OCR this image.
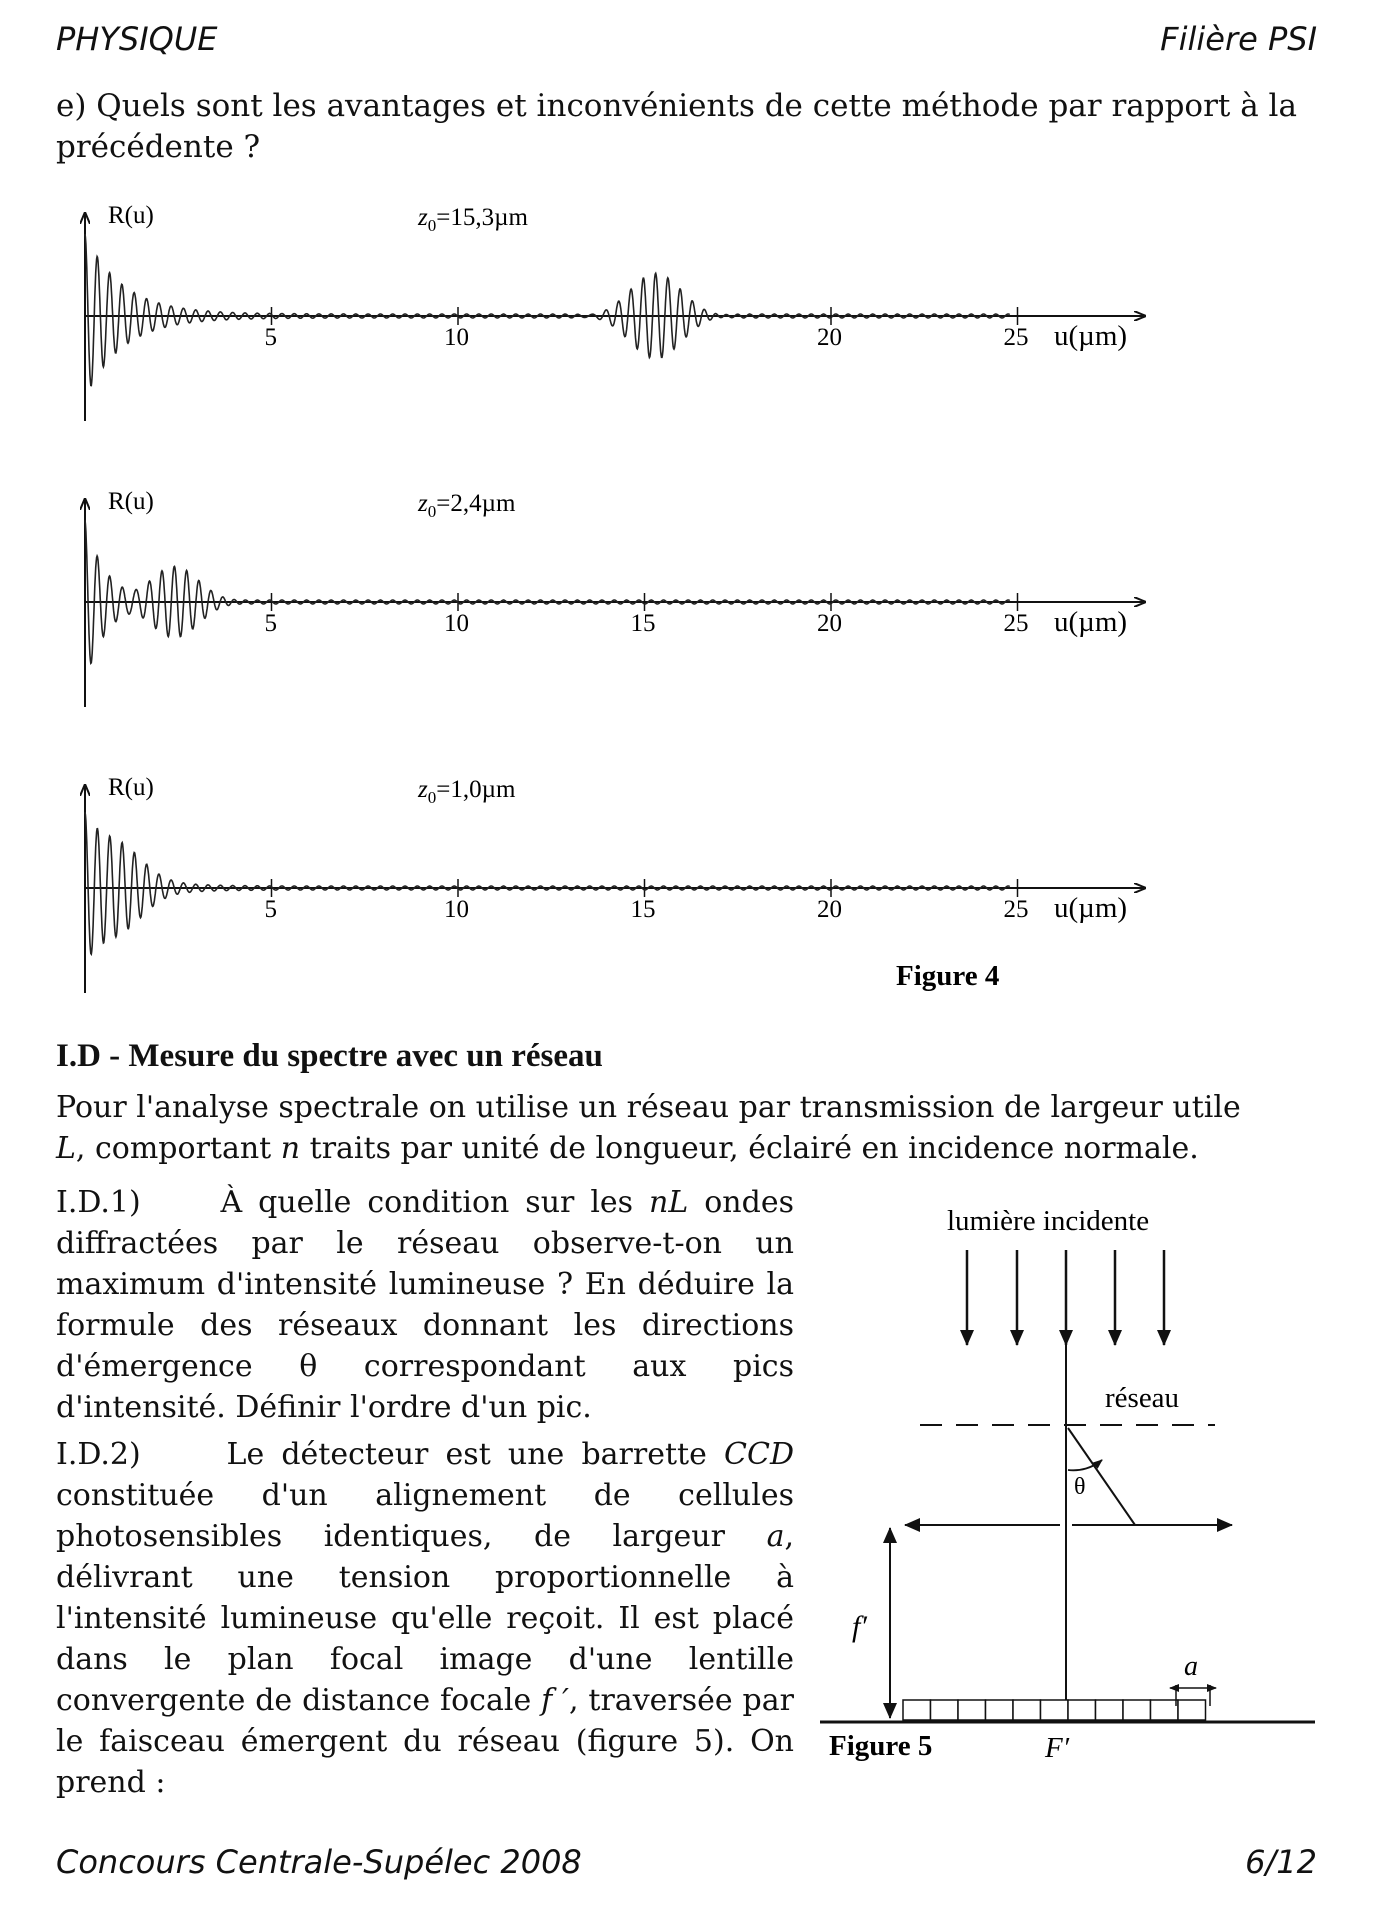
PHYSIQUE	Filière PSI
e) Quels sont les avantages et inconvénients de cette méthode par rapport à la
précédente ?
R(u)
u(µm)
$z_0=15,3\mu m$
5	10	20	25
R(u)
u(µm)
$z_0=2,4\mu m$
5	10	15	20	25
R(u)
u(µm)
$z_0=1,0\mu m$
5	10	15	20	25
Figure 4
I.D - Mesure du spectre avec un réseau
Pour l'analyse spectrale on utilise un réseau par transmission de largeur utile
L, comportant n traits par unité de longueur, éclairé en incidence normale.
I.D.1)	À quelle condition sur les nL ondes diffractées par le réseau observe-t-on un maximum d'intensité lumineuse ? En déduire la formule des réseaux donnant les directions d'émergence θ correspondant aux pics d'intensité. Définir l'ordre d'un pic.
I.D.2)	Le détecteur est une barrette CCD constituée d'un alignement de cellules photosensibles identiques, de largeur a, délivrant une tension proportionnelle à l'intensité lumineuse qu'elle reçoit. Il est placé dans le plan focal image d'une lentille convergente de distance focale f ′, traversée par le faisceau émergent du réseau (figure 5). On prend :
lumière incidente
réseau
θ
f′
a
Figure 5	F′
Concours Centrale-Supélec 2008	6/12
